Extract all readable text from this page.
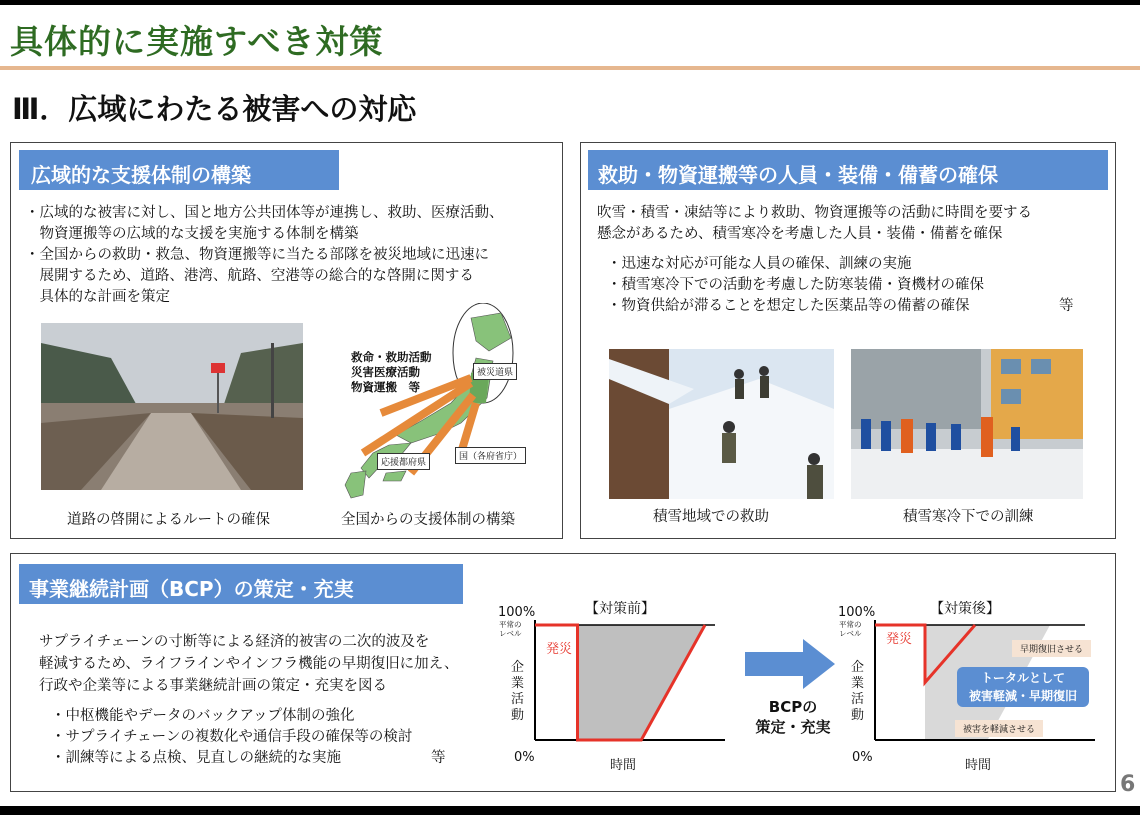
具体的に実施すべき対策
Ⅲ．広域にわたる被害への対応
広域的な支援体制の構築
・広域的な被害に対し、国と地方公共団体等が連携し、救助、医療活動、
　物資運搬等の広域的な支援を実施する体制を構築
・全国からの救助・救急、物資運搬等に当たる部隊を被災地域に迅速に
　展開するため、道路、港湾、航路、空港等の総合的な啓開に関する
　具体的な計画を策定
道路の啓開によるルートの確保
救命・救助活動
災害医療活動
物資運搬　等
被災道県
応援都府県
国（各府省庁）
全国からの支援体制の構築
救助・物資運搬等の人員・装備・備蓄の確保
吹雪・積雪・凍結等により救助、物資運搬等の活動に時間を要する
懸念があるため、積雪寒冷を考慮した人員・装備・備蓄を確保
・迅速な対応が可能な人員の確保、訓練の実施
・積雪寒冷下での活動を考慮した防寒装備・資機材の確保
・物資供給が滞ることを想定した医薬品等の備蓄の確保	等
積雪地域での救助	積雪寒冷下での訓練
事業継続計画（BCP）の策定・充実
サプライチェーンの寸断等による経済的被害の二次的波及を
軽減するため、ライフラインやインフラ機能の早期復旧に加え、
行政や企業等による事業継続計画の策定・充実を図る
・中枢機能やデータのバックアップ体制の強化
・サプライチェーンの複数化や通信手段の確保等の検討
・訓練等による点検、見直しの継続的な実施	等
【対策前】
100%
平常の
レベル
0%
企業活動
時間
発災
BCPの
策定・充実
【対策後】
100%
平常の
レベル
0%
企業活動
時間
発災
早期復旧させる
被害を軽減させる
トータルとして
被害軽減・早期復旧
6
